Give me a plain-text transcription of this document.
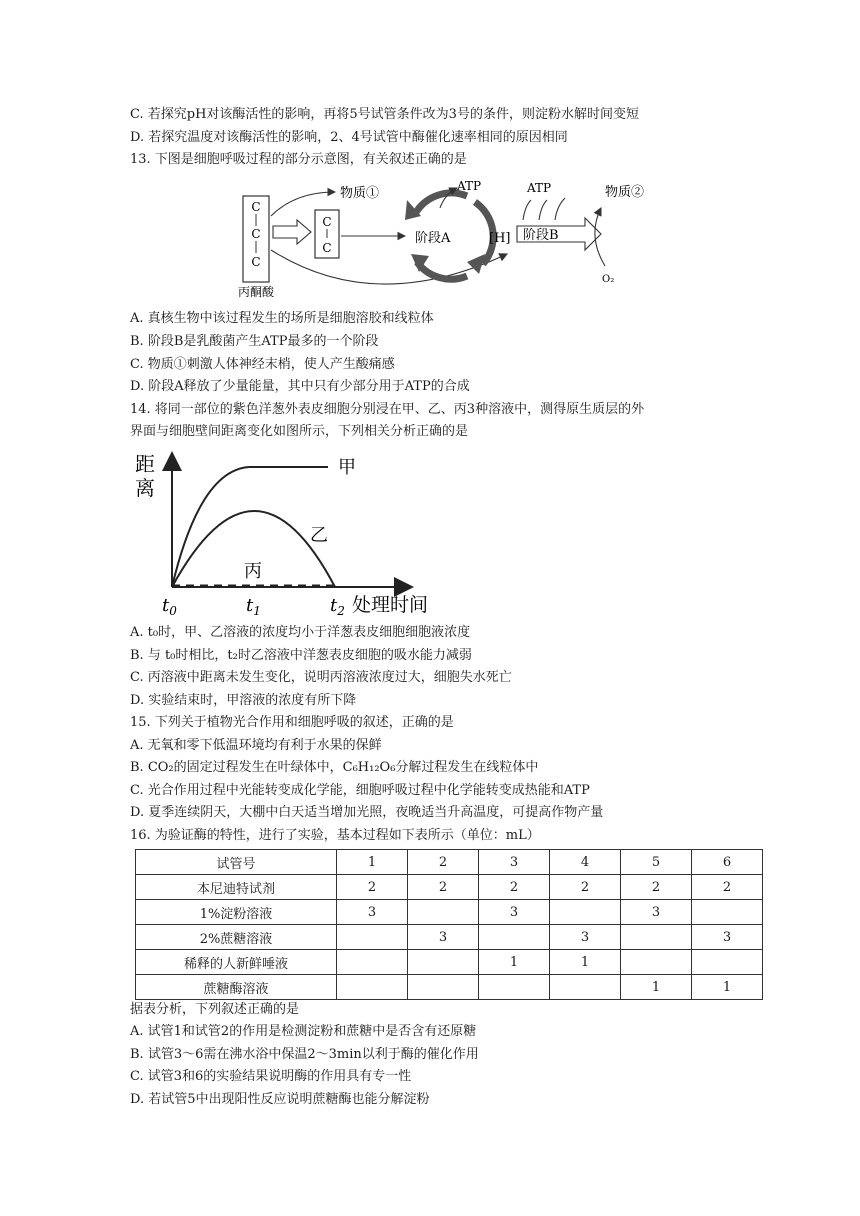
C. 若探究pH对该酶活性的影响，再将5号试管条件改为3号的条件，则淀粉水解时间变短
D. 若探究温度对该酶活性的影响，2、4号试管中酶催化速率相同的原因相同
13. 下图是细胞呼吸过程的部分示意图，有关叙述正确的是
C
C
C
丙酮酸
C
C
物质①
阶段A
ATP
[H] 阶段B
ATP	物质②
O₂
A. 真核生物中该过程发生的场所是细胞溶胶和线粒体
B. 阶段B是乳酸菌产生ATP最多的一个阶段
C. 物质①刺激人体神经末梢，使人产生酸痛感
D. 阶段A释放了少量能量，其中只有少部分用于ATP的合成
14. 将同一部位的紫色洋葱外表皮细胞分别浸在甲、乙、丙3种溶液中，测得原生质层的外
界面与细胞壁间距离变化如图所示，下列相关分析正确的是
距
离
甲
乙
丙
$t_0$	$t_1$	$t_2$ 处理时间
A. t₀时，甲、乙溶液的浓度均小于洋葱表皮细胞细胞液浓度
B. 与 t₀时相比，t₂时乙溶液中洋葱表皮细胞的吸水能力减弱
C. 丙溶液中距离未发生变化，说明丙溶液浓度过大，细胞失水死亡
D. 实验结束时，甲溶液的浓度有所下降
15. 下列关于植物光合作用和细胞呼吸的叙述，正确的是
A. 无氧和零下低温环境均有利于水果的保鲜
B. CO₂的固定过程发生在叶绿体中，C₆H₁₂O₆分解过程发生在线粒体中
C. 光合作用过程中光能转变成化学能，细胞呼吸过程中化学能转变成热能和ATP
D. 夏季连续阴天，大棚中白天适当增加光照，夜晚适当升高温度，可提高作物产量
16. 为验证酶的特性，进行了实验，基本过程如下表所示（单位：mL）
试管号	1	2	3	4	5	6
本尼迪特试剂	2	2	2	2	2	2
1%淀粉溶液	3		3		3	
2%蔗糖溶液		3		3		3
稀释的人新鲜唾液			1	1		
蔗糖酶溶液					1	1
据表分析，下列叙述正确的是
A. 试管1和试管2的作用是检测淀粉和蔗糖中是否含有还原糖
B. 试管3～6需在沸水浴中保温2～3min以利于酶的催化作用
C. 试管3和6的实验结果说明酶的作用具有专一性
D. 若试管5中出现阳性反应说明蔗糖酶也能分解淀粉
